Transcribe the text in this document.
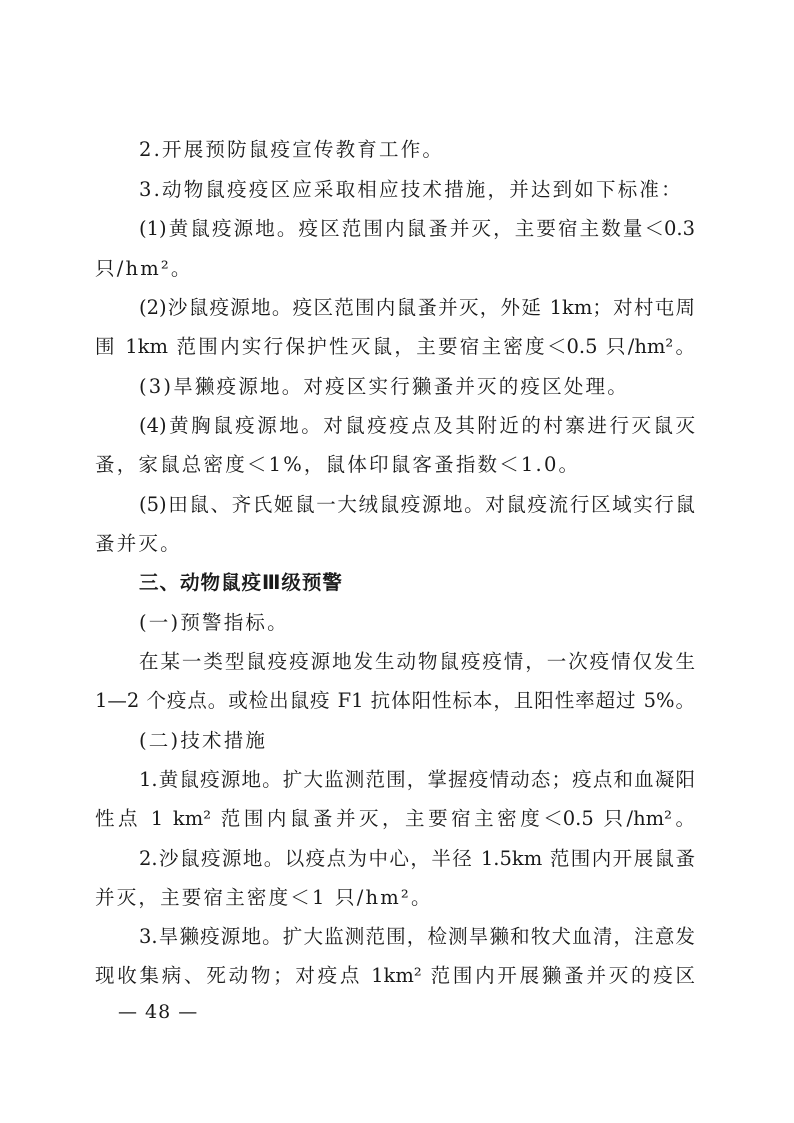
2.开展预防鼠疫宣传教育工作。
3.动物鼠疫疫区应采取相应技术措施，并达到如下标准：
(1)黄鼠疫源地。疫区范围内鼠蚤并灭，主要宿主数量＜0.3
只/hm²。
(2)沙鼠疫源地。疫区范围内鼠蚤并灭，外延 1km；对村屯周
围 1km 范围内实行保护性灭鼠，主要宿主密度＜0.5 只/hm²。
(3)旱獭疫源地。对疫区实行獭蚤并灭的疫区处理。
(4)黄胸鼠疫源地。对鼠疫疫点及其附近的村寨进行灭鼠灭
蚤，家鼠总密度＜1%，鼠体印鼠客蚤指数＜1.0。
(5)田鼠、齐氏姬鼠一大绒鼠疫源地。对鼠疫流行区域实行鼠
蚤并灭。
三、动物鼠疫Ⅲ级预警
(一)预警指标。
在某一类型鼠疫疫源地发生动物鼠疫疫情，一次疫情仅发生
1—2 个疫点。或检出鼠疫 F1 抗体阳性标本，且阳性率超过 5%。
(二)技术措施
1.黄鼠疫源地。扩大监测范围，掌握疫情动态；疫点和血凝阳
性点 1 km² 范围内鼠蚤并灭，主要宿主密度＜0.5 只/hm²。
2.沙鼠疫源地。以疫点为中心，半径 1.5km 范围内开展鼠蚤
并灭，主要宿主密度＜1 只/hm²。
3.旱獭疫源地。扩大监测范围，检测旱獭和牧犬血清，注意发
现收集病、死动物；对疫点 1km² 范围内开展獭蚤并灭的疫区
— 48 —
